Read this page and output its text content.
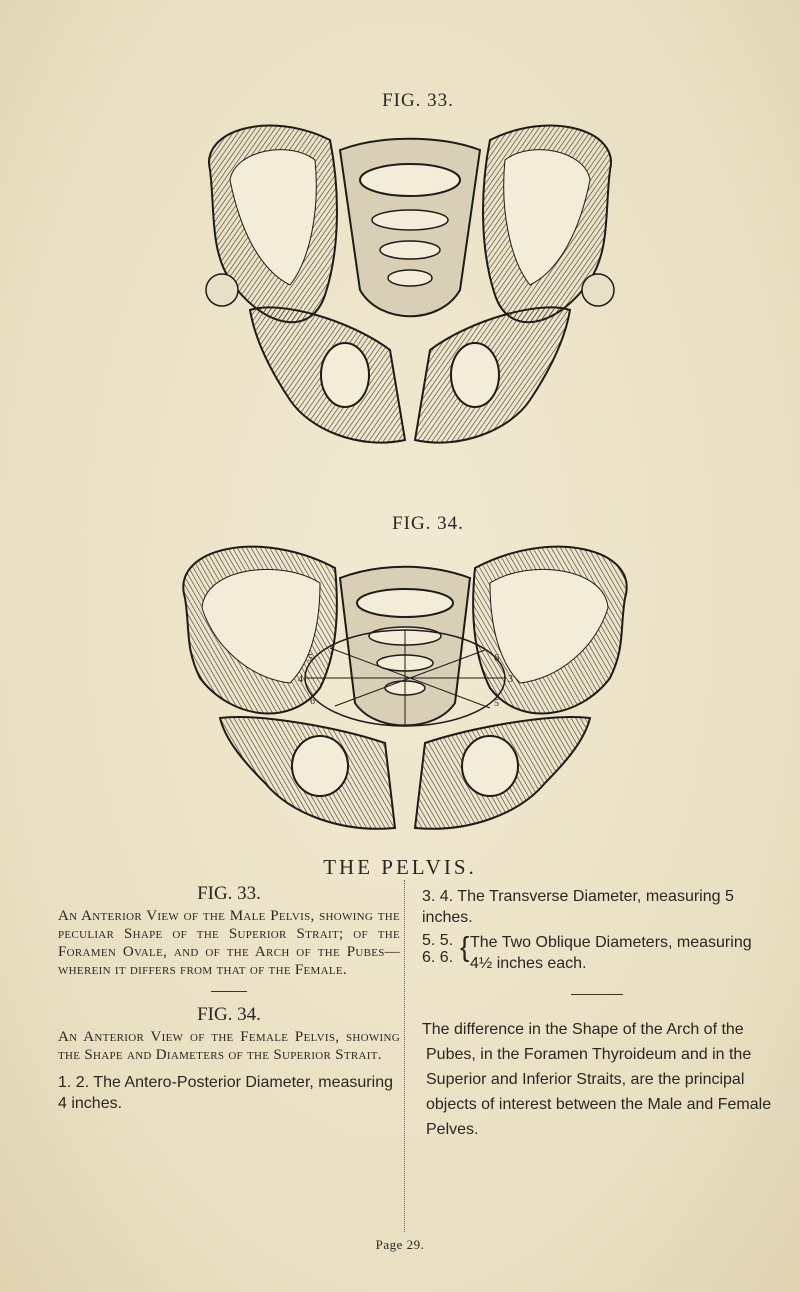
FIG. 33.
FIG. 34.
5
4
6
6
3
5
3
THE PELVIS.
FIG. 33.
An Anterior View of the Male Pelvis, showing the peculiar Shape of the Superior Strait; of the Foramen Ovale, and of the Arch of the Pubes—wherein it differs from that of the Female.
FIG. 34.
An Anterior View of the Female Pelvis, showing the Shape and Diameters of the Superior Strait.
1. 2. The Antero-Posterior Diameter, measuring 4 inches.
3. 4. The Transverse Diameter, measuring 5 inches.
5. 5.
6. 6. { The Two Oblique Diameters, measuring 4½ inches each.
The difference in the Shape of the Arch of the Pubes, in the Foramen Thyroideum and in the Superior and Inferior Straits, are the principal objects of interest between the Male and Female Pelves.
Page 29.
